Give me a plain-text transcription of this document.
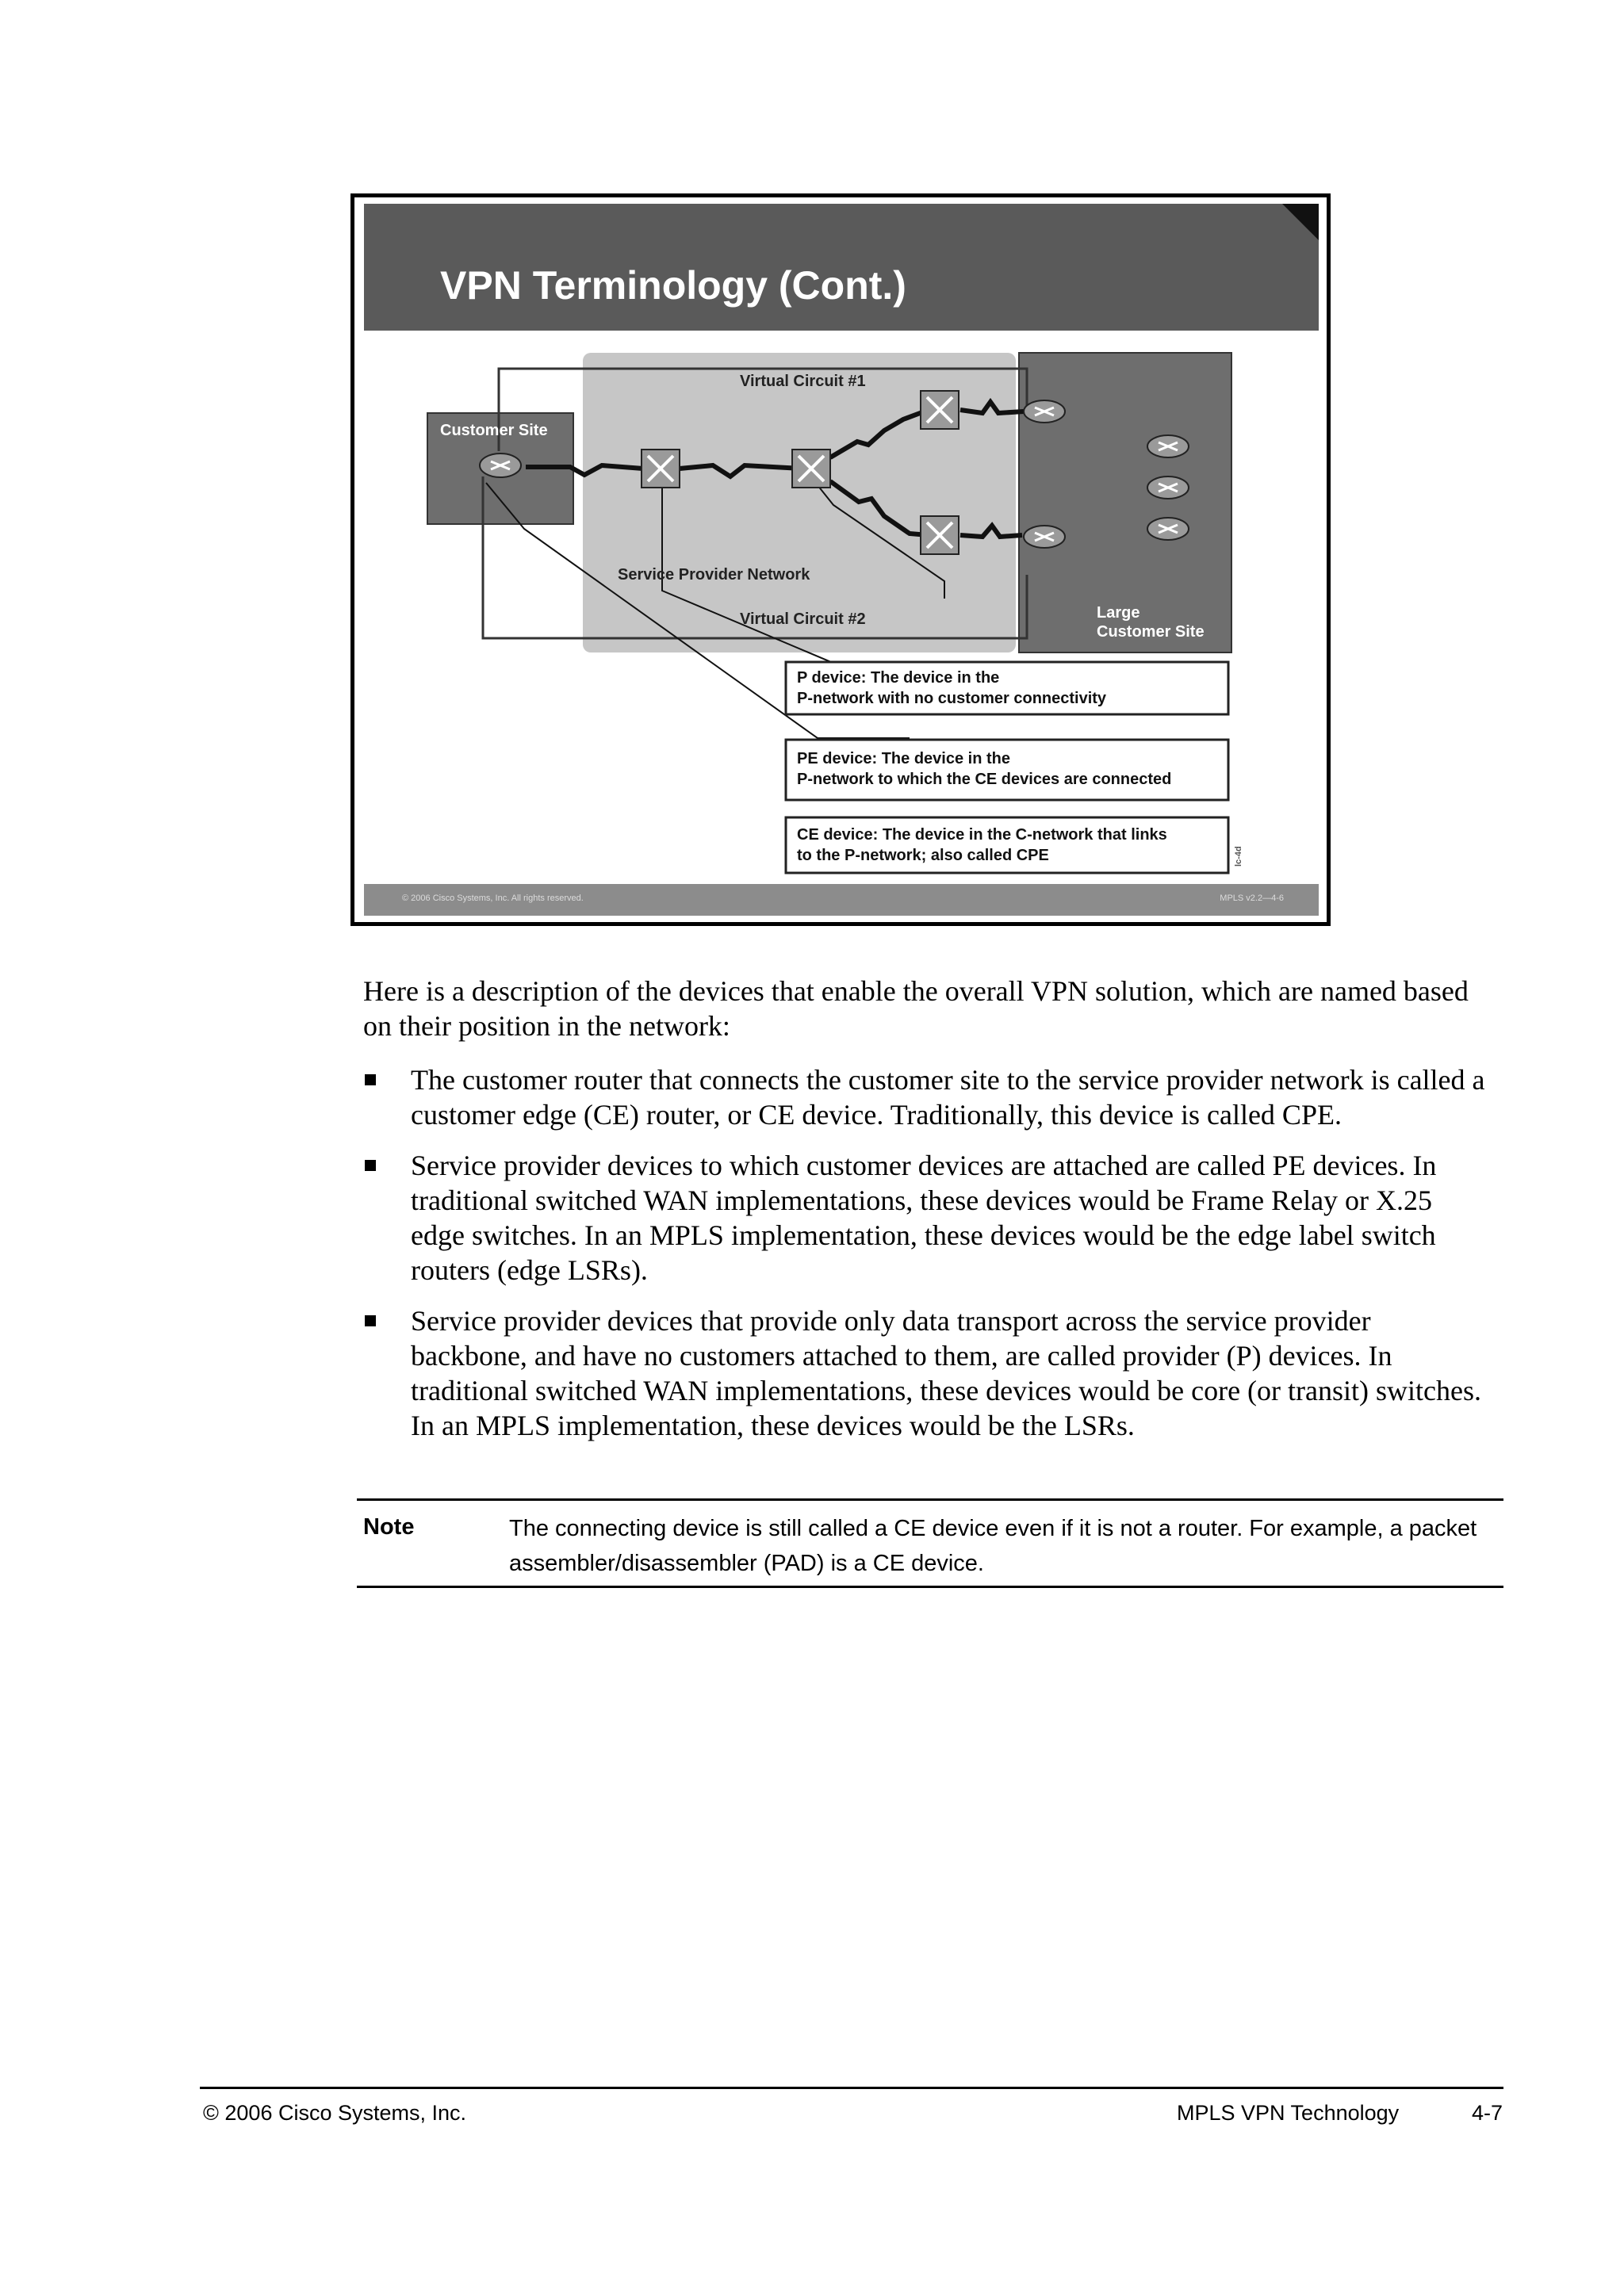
VPN Terminology (Cont.)
Customer Site
Virtual Circuit #1
Service Provider Network
Virtual Circuit #2	Large
Customer Site
P device: The device in the
P-network with no customer connectivity
PE device: The device in the
P-network to which the CE devices are connected
CE device: The device in the C-network that links
to the P-network; also called CPE	lc-4d
© 2006 Cisco Systems, Inc. All rights reserved.	MPLS v2.2—4-6

Here is a description of the devices that enable the overall VPN solution, which are named based on their position in the network:

The customer router that connects the customer site to the service provider network is called a customer edge (CE) router, or CE device. Traditionally, this device is called CPE.
Service provider devices to which customer devices are attached are called PE devices. In traditional switched WAN implementations, these devices would be Frame Relay or X.25 edge switches. In an MPLS implementation, these devices would be the edge label switch routers (edge LSRs).
Service provider devices that provide only data transport across the service provider backbone, and have no customers attached to them, are called provider (P) devices. In traditional switched WAN implementations, these devices would be core (or transit) switches. In an MPLS implementation, these devices would be the LSRs.
Note	The connecting device is still called a CE device even if it is not a router. For example, a packet assembler/disassembler (PAD) is a CE device.
© 2006 Cisco Systems, Inc.	MPLS VPN Technology	4-7
